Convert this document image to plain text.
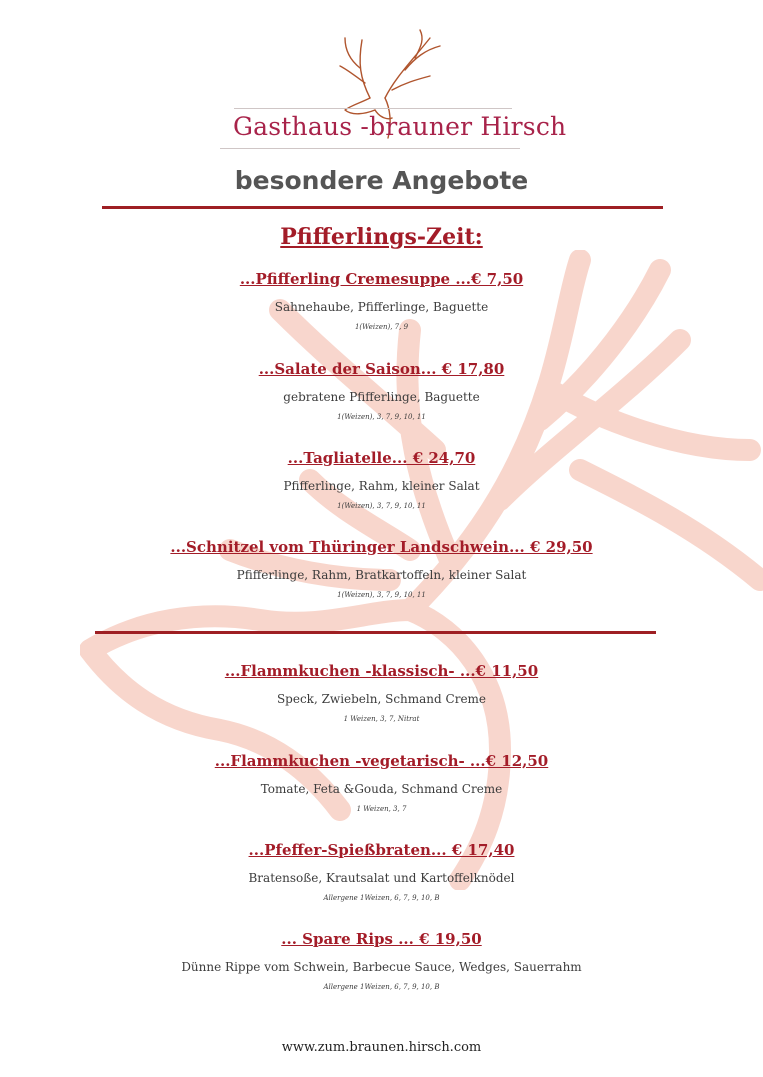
Gasthaus -brauner Hirsch
besondere Angebote
Pfifferlings-Zeit:
...Pfifferling Cremesuppe ...€ 7,50
Sahnehaube, Pfifferlinge, Baguette
1(Weizen), 7, 9
...Salate der Saison... € 17,80
gebratene Pfifferlinge, Baguette
1(Weizen), 3, 7, 9, 10, 11
...Tagliatelle... € 24,70
Pfifferlinge, Rahm, kleiner Salat
1(Weizen), 3, 7, 9, 10, 11
...Schnitzel vom Thüringer Landschwein... € 29,50
Pfifferlinge, Rahm, Bratkartoffeln, kleiner Salat
1(Weizen), 3, 7, 9, 10, 11
...Flammkuchen -klassisch- ...€ 11,50
Speck, Zwiebeln, Schmand Creme
1 Weizen, 3, 7, Nitrat
...Flammkuchen -vegetarisch- ...€ 12,50
Tomate, Feta &Gouda, Schmand Creme
1 Weizen, 3, 7
...Pfeffer-Spießbraten... € 17,40
Bratensoße, Krautsalat und Kartoffelknödel
Allergene 1Weizen, 6, 7, 9, 10, B
... Spare Rips ... € 19,50
Dünne Rippe vom Schwein, Barbecue Sauce, Wedges, Sauerrahm
Allergene 1Weizen, 6, 7, 9, 10, B
www.zum.braunen.hirsch.com
